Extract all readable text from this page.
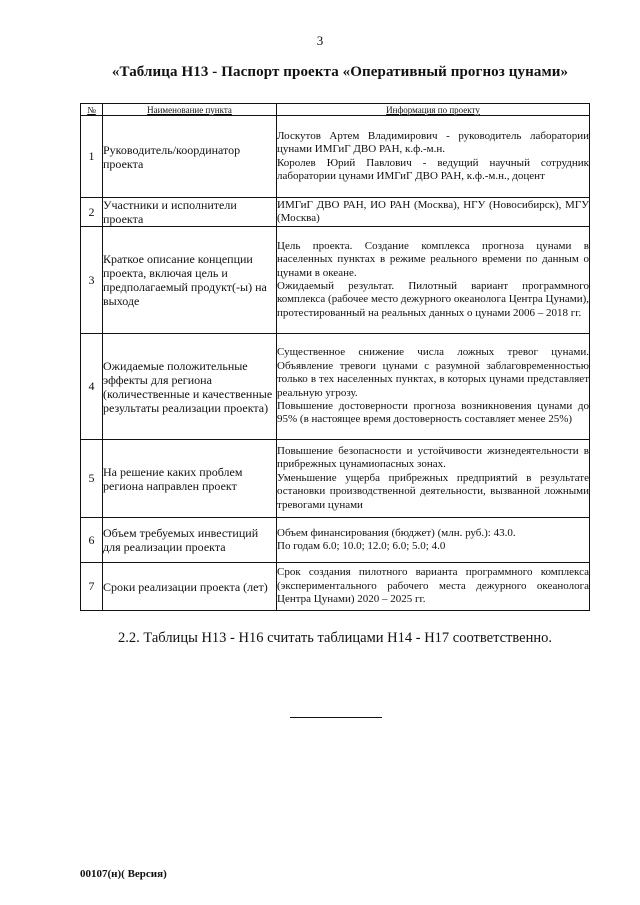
3
«Таблица Н13 - Паспорт проекта «Оперативный прогноз цунами»
№	Наименование пункта	Информация по проекту
1	Руководитель/координатор проекта	Лоскутов Артем Владимирович - руководитель лаборатории цунами ИМГиГ ДВО РАН, к.ф.-м.н.
Королев Юрий Павлович - ведущий научный сотрудник лаборатории цунами ИМГиГ ДВО РАН, к.ф.-м.н., доцент

2	Участники и исполнители проекта	ИМГиГ ДВО РАН, ИО РАН (Москва), НГУ (Новосибирск), МГУ (Москва)

3	Краткое описание концепции проекта, включая цель и предполагаемый продукт(-ы) на выходе	Цель проекта. Создание комплекса прогноза цунами в населенных пунктах в режиме реального времени по данным о цунами в океане.
Ожидаемый результат. Пилотный вариант программного комплекса (рабочее место дежурного океанолога Центра Цунами), протестированный на реальных данных о цунами 2006 – 2018 гг.

4	Ожидаемые положительные эффекты для региона (количественные и качественные результаты реализации проекта)	Существенное снижение числа ложных тревог цунами. Объявление тревоги цунами с разумной заблаговременностью только в тех населенных пунктах, в которых цунами представляет реальную угрозу.
Повышение достоверности прогноза возникновения цунами до 95% (в настоящее время достоверность составляет менее 25%)

5	На решение каких проблем региона направлен проект	Повышение безопасности и устойчивости жизнедеятельности в прибрежных цунамиопасных зонах.
Уменьшение ущерба прибрежных предприятий в результате остановки производственной деятельности, вызванной ложными тревогами цунами

6	Объем требуемых инвестиций для реализации проекта	Объем финансирования (бюджет) (млн. руб.): 43.0.
По годам 6.0; 10.0; 12.0; 6.0; 5.0; 4.0

7	Сроки реализации проекта (лет)	Срок создания пилотного варианта программного комплекса (экспериментального рабочего места дежурного океанолога Центра Цунами) 2020 – 2025 гг.
2.2. Таблицы Н13 - Н16 считать таблицами Н14 - Н17 соответственно.
00107(н)( Версия)
